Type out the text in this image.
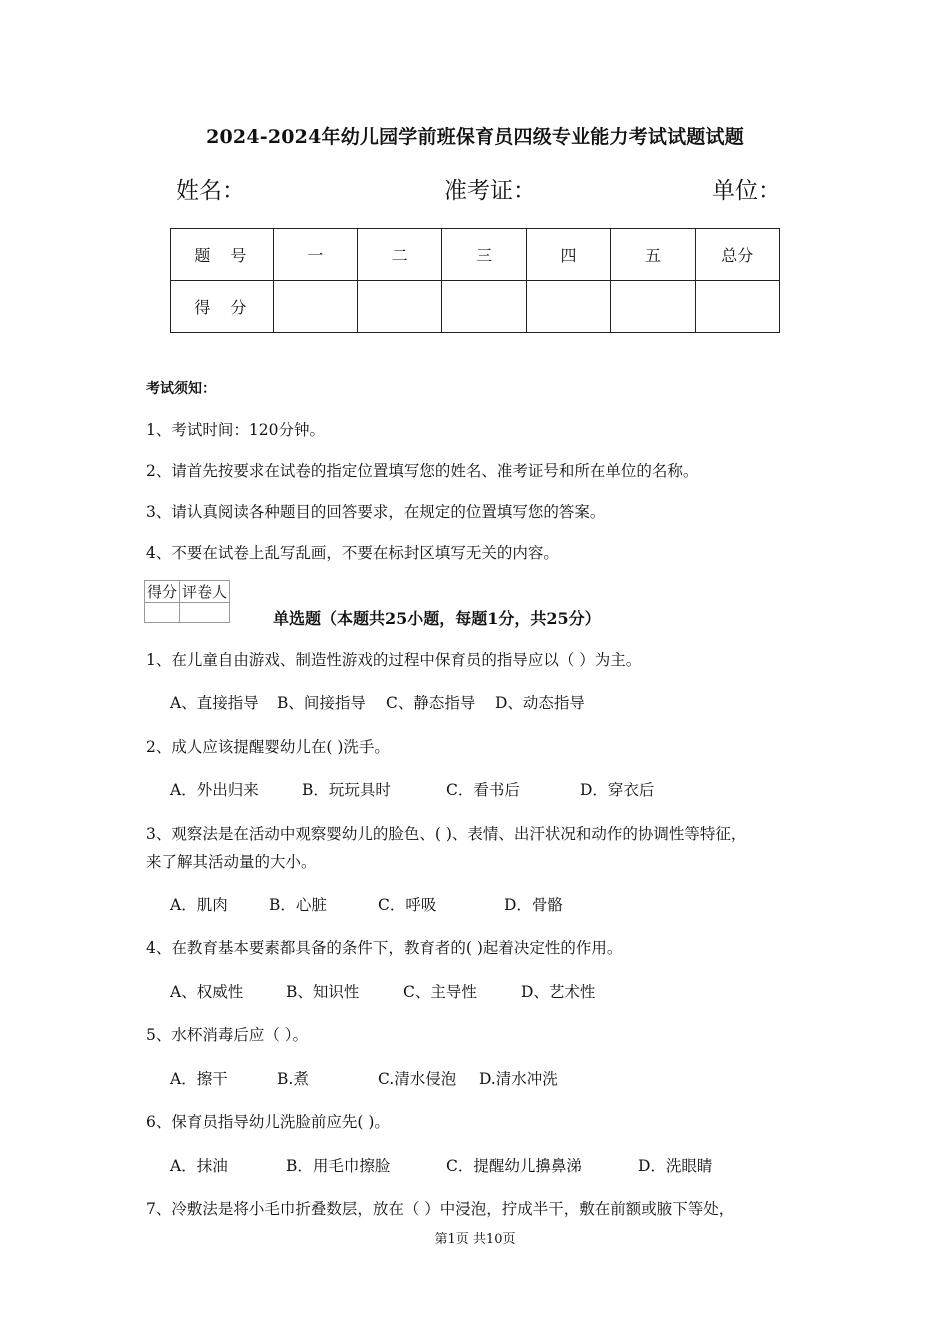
2024-2024年幼儿园学前班保育员四级专业能力考试试题试题
姓名：	准考证：	单位：
题号	一	二	三	四	五	总分
得分						
考试须知：
1、考试时间：120分钟。
2、请首先按要求在试卷的指定位置填写您的姓名、准考证号和所在单位的名称。
3、请认真阅读各种题目的回答要求，在规定的位置填写您的答案。
4、不要在试卷上乱写乱画，不要在标封区填写无关的内容。
得分	评卷人

单选题（本题共25小题，每题1分，共25分）
1、在儿童自由游戏、制造性游戏的过程中保育员的指导应以（ ）为主。
A、直接指导 B、间接指导 C、静态指导 D、动态指导
2、成人应该提醒婴幼儿在( )洗手。
A．外出归来	B．玩玩具时	C．看书后	D．穿衣后
3、观察法是在活动中观察婴幼儿的脸色、( )、表情、出汗状况和动作的协调性等特征，
来了解其活动量的大小。
A．肌肉	B．心脏	C．呼吸	D．骨骼
4、在教育基本要素都具备的条件下，教育者的( )起着决定性的作用。
A、权威性	B、知识性	C、主导性	D、艺术性
5、水杯消毒后应（ ）。
A．擦干	B.煮	C.清水侵泡 D.清水冲洗
6、保育员指导幼儿洗脸前应先( )。
A．抹油	B．用毛巾擦脸	C．提醒幼儿擤鼻涕	D．洗眼睛
7、冷敷法是将小毛巾折叠数层，放在（ ）中浸泡，拧成半干，敷在前额或腋下等处，
第1页 共10页
